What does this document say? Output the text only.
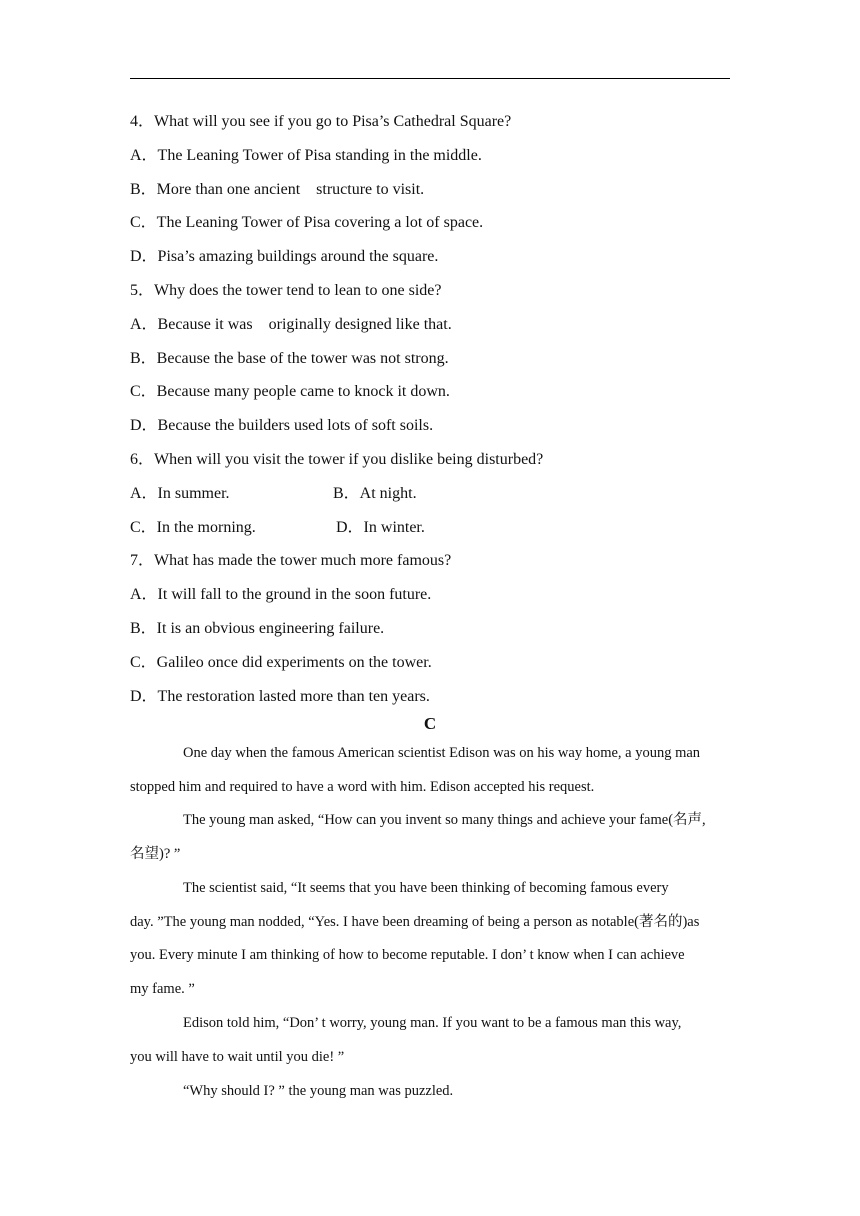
4．What will you see if you go to Pisa’s Cathedral Square?
A．The Leaning Tower of Pisa standing in the middle.
B．More than one ancient    structure to visit.
C．The Leaning Tower of Pisa covering a lot of space.
D．Pisa’s amazing buildings around the square.
5．Why does the tower tend to lean to one side?
A．Because it was    originally designed like that.
B．Because the base of the tower was not strong.
C．Because many people came to knock it down.
D．Because the builders used lots of soft soils.
6．When will you visit the tower if you dislike being disturbed?
A．In summer.	B．At night.
C．In the morning.	D．In winter.
7．What has made the tower much more famous?
A．It will fall to the ground in the soon future.
B．It is an obvious engineering failure.
C．Galileo once did experiments on the tower.
D．The restoration lasted more than ten years.
C
One day when the famous American scientist Edison was on his way home, a young man
stopped him and required to have a word with him. Edison accepted his request.
The young man asked, “How can you invent so many things and achieve your fame(名声,
名望)? ”
The scientist said, “It seems that you have been thinking of becoming famous every
day. ”The young man nodded, “Yes. I have been dreaming of being a person as notable(著名的)as
you. Every minute I am thinking of how to become reputable. I don’ t know when I can achieve
my fame. ”
Edison told him, “Don’ t worry, young man. If you want to be a famous man this way,
you will have to wait until you die! ”
“Why should I? ” the young man was puzzled.
